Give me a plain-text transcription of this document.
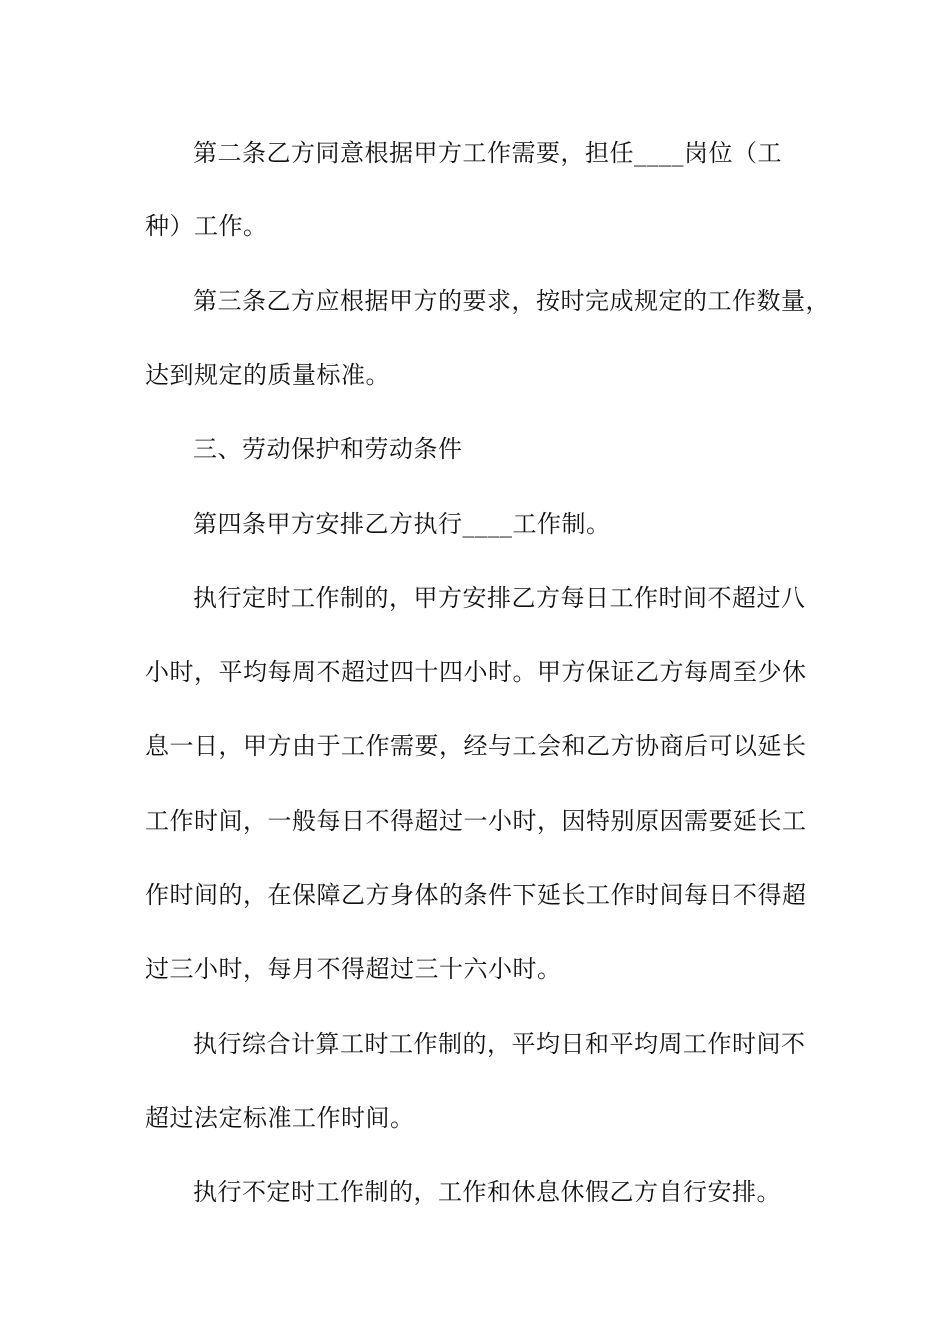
第二条乙方同意根据甲方工作需要，担任____岗位（工
种）工作。
第三条乙方应根据甲方的要求，按时完成规定的工作数量，
达到规定的质量标准。
三、劳动保护和劳动条件
第四条甲方安排乙方执行____工作制。
执行定时工作制的，甲方安排乙方每日工作时间不超过八
小时，平均每周不超过四十四小时。甲方保证乙方每周至少休
息一日，甲方由于工作需要，经与工会和乙方协商后可以延长
工作时间，一般每日不得超过一小时，因特别原因需要延长工
作时间的，在保障乙方身体的条件下延长工作时间每日不得超
过三小时，每月不得超过三十六小时。
执行综合计算工时工作制的，平均日和平均周工作时间不
超过法定标准工作时间。
执行不定时工作制的，工作和休息休假乙方自行安排。
